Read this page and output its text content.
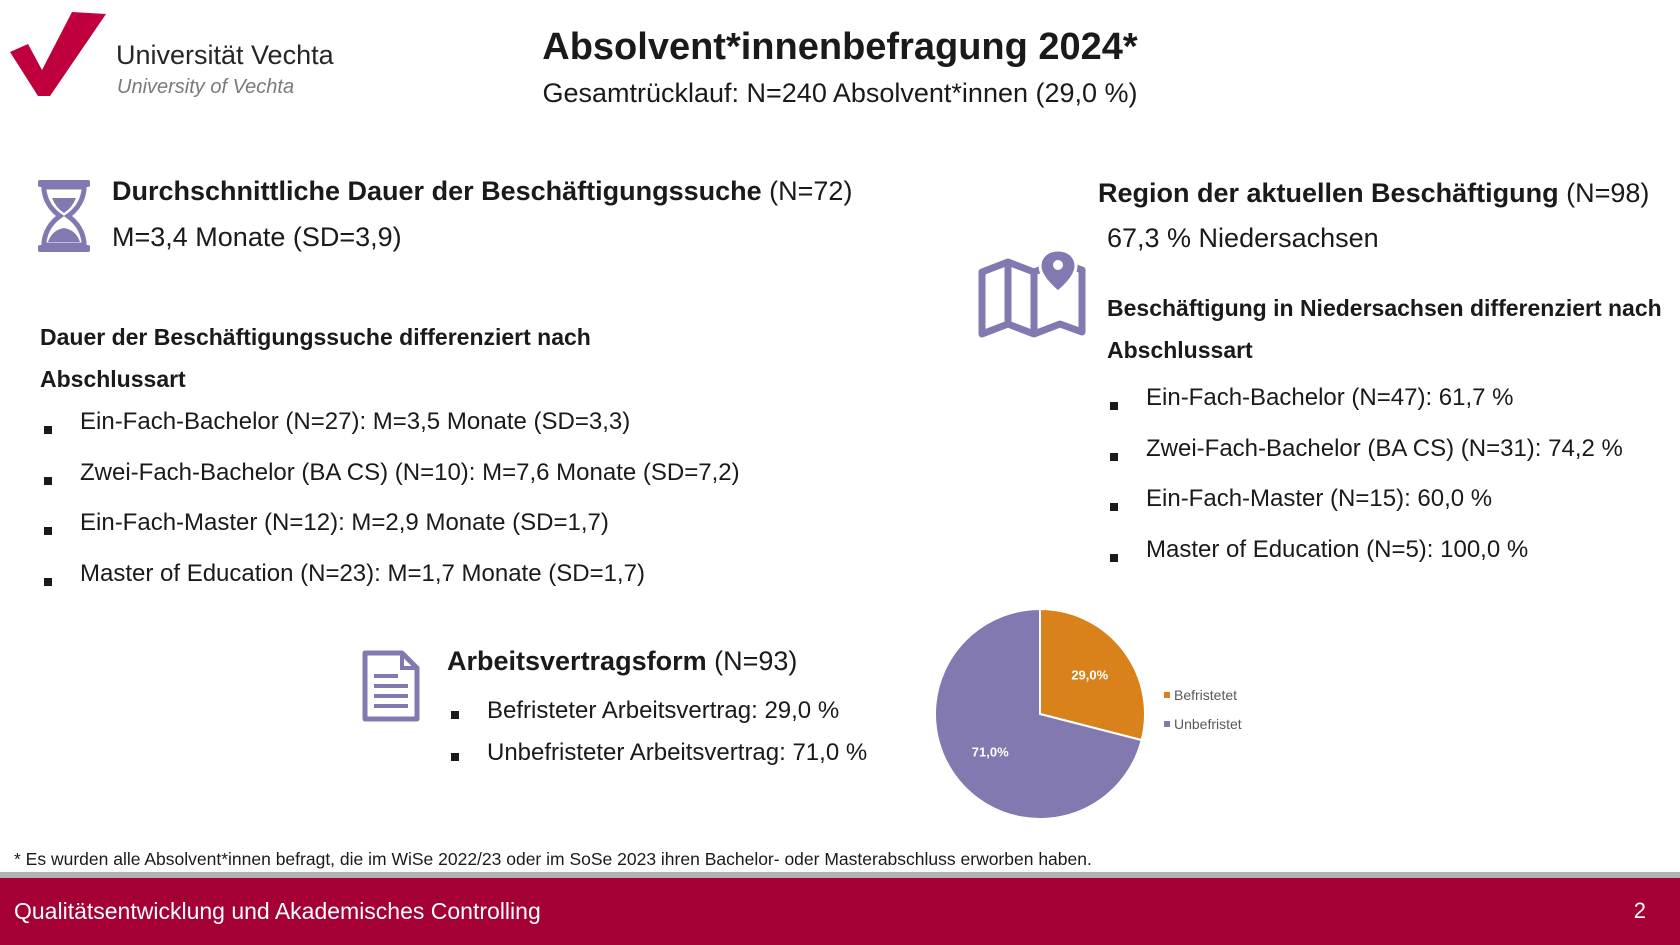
Universität Vechta
University of Vechta
Absolvent*innenbefragung 2024*
Gesamtrücklauf: N=240 Absolvent*innen (29,0 %)
Durchschnittliche Dauer der Beschäftigungssuche (N=72)
M=3,4 Monate (SD=3,9)
Dauer der Beschäftigungssuche differenziert nach Abschlussart
Ein-Fach-Bachelor (N=27): M=3,5 Monate (SD=3,3)
Zwei-Fach-Bachelor (BA CS) (N=10): M=7,6 Monate (SD=7,2)
Ein-Fach-Master (N=12): M=2,9 Monate (SD=1,7)
Master of Education (N=23): M=1,7 Monate (SD=1,7)
Region der aktuellen Beschäftigung (N=98)
67,3 % Niedersachsen
Beschäftigung in Niedersachsen differenziert nach Abschlussart
Ein-Fach-Bachelor (N=47): 61,7 %
Zwei-Fach-Bachelor (BA CS) (N=31): 74,2 %
Ein-Fach-Master (N=15): 60,0 %
Master of Education (N=5): 100,0 %
Arbeitsvertragsform (N=93)
Befristeter Arbeitsvertrag: 29,0 %
Unbefristeter Arbeitsvertrag: 71,0 %
29,0%
71,0%
Befristetet
Unbefristet
* Es wurden alle Absolvent*innen befragt, die im WiSe 2022/23 oder im SoSe 2023 ihren Bachelor- oder Masterabschluss erworben haben.
Qualitätsentwicklung und Akademisches Controlling	2
